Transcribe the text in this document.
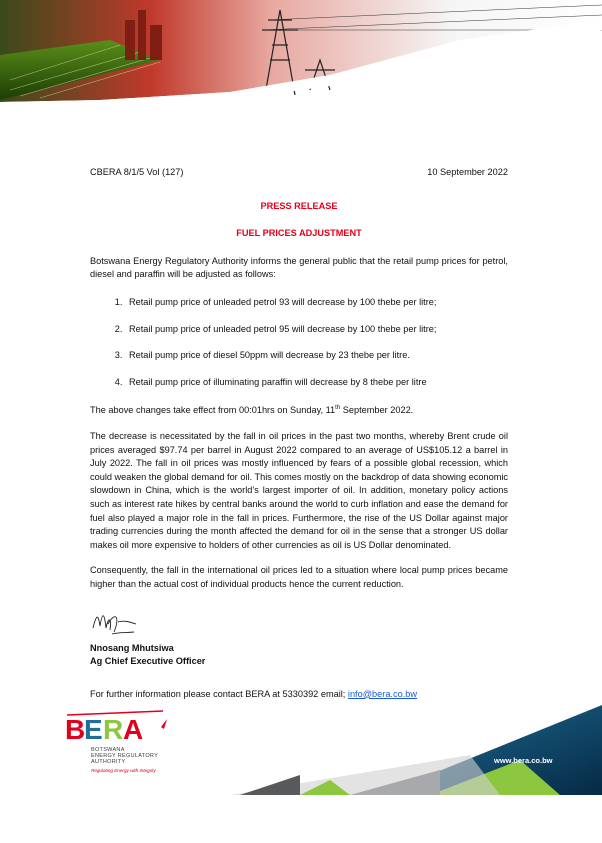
CBERA 8/1/5 Vol (127)	10 September 2022
PRESS RELEASE
FUEL PRICES ADJUSTMENT

Botswana Energy Regulatory Authority informs the general public that the retail pump prices for petrol, diesel and paraffin will be adjusted as follows:

1. Retail pump price of unleaded petrol 93 will decrease by 100 thebe per litre;
2. Retail pump price of unleaded petrol 95 will decrease by 100 thebe per litre;
3. Retail pump price of diesel 50ppm will decrease by 23 thebe per litre.
4. Retail pump price of illuminating paraffin will decrease by 8 thebe per litre

The above changes take effect from 00:01hrs on Sunday, 11th September 2022.

The decrease is necessitated by the fall in oil prices in the past two months, whereby Brent crude oil prices averaged $97.74 per barrel in August 2022 compared to an average of US$105.12 a barrel in July 2022. The fall in oil prices was mostly influenced by fears of a possible global recession, which could weaken the global demand for oil. This comes mostly on the backdrop of data showing economic slowdown in China, which is the world’s largest importer of oil. In addition, monetary policy actions such as interest rate hikes by central banks around the world to curb inflation and ease the demand for fuel also played a major role in the fall in prices. Furthermore, the rise of the US Dollar against major trading currencies during the month affected the demand for oil in the sense that a stronger US dollar makes oil more expensive to holders of other currencies as oil is US Dollar denominated.

Consequently, the fall in the international oil prices led to a situation where local pump prices became higher than the actual cost of individual products hence the current reduction.

Nnosang Mhutsiwa
Ag Chief Executive Officer

For further information please contact BERA at 5330392 email; info@bera.co.bw

B
E R A
BOTSWANA
ENERGY REGULATORY
AUTHORITY
Regulating Energy with Integrity
www.bera.co.bw
